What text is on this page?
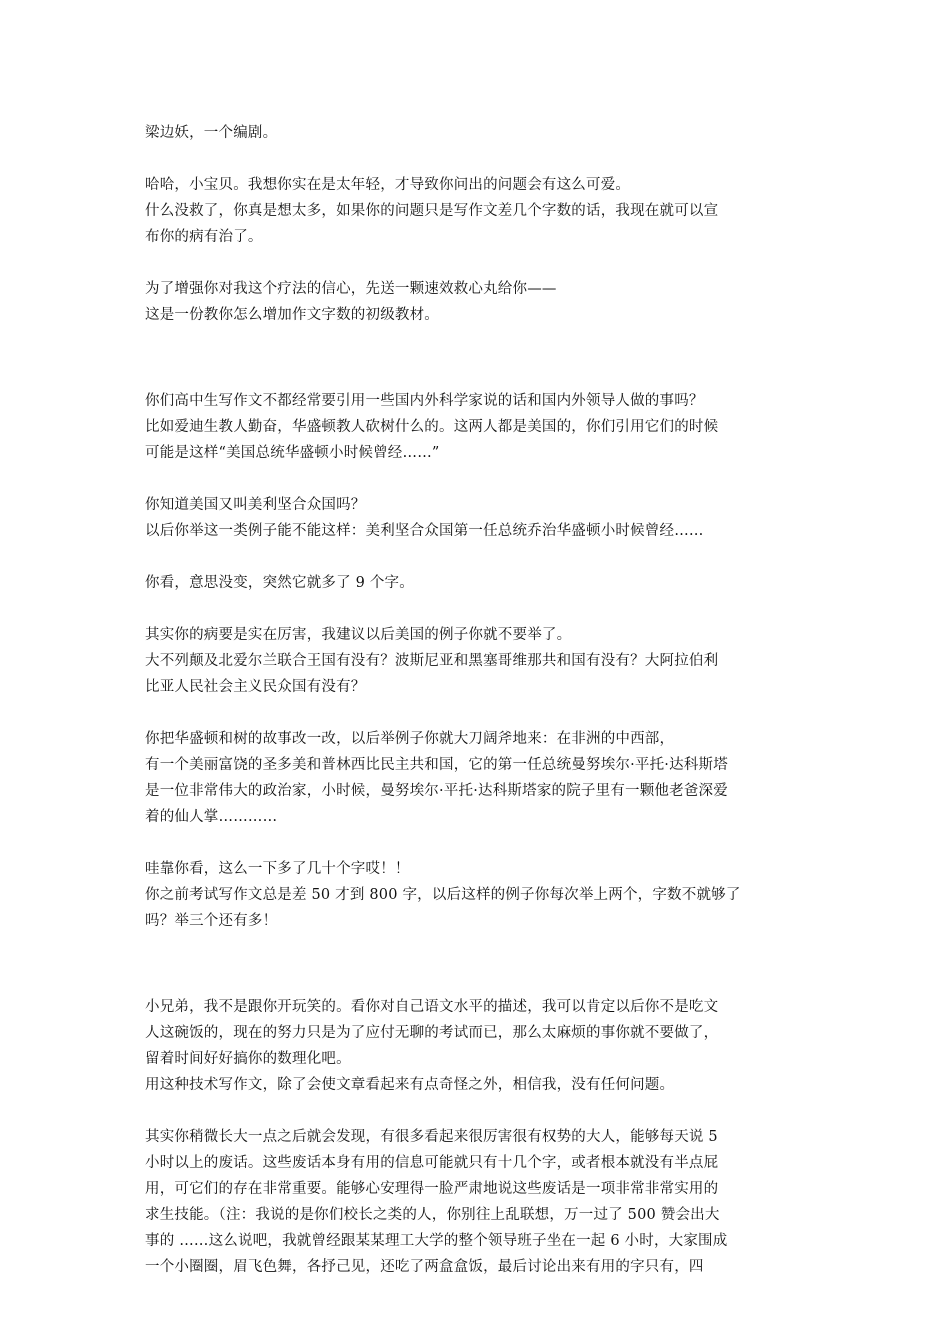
梁边妖，一个编剧。
哈哈，小宝贝。我想你实在是太年轻，才导致你问出的问题会有这么可爱。
什么没救了，你真是想太多，如果你的问题只是写作文差几个字数的话，我现在就可以宣
布你的病有治了。
为了增强你对我这个疗法的信心，先送一颗速效救心丸给你——
这是一份教你怎么增加作文字数的初级教材。
你们高中生写作文不都经常要引用一些国内外科学家说的话和国内外领导人做的事吗？
比如爱迪生教人勤奋，华盛顿教人砍树什么的。这两人都是美国的，你们引用它们的时候
可能是这样“美国总统华盛顿小时候曾经……”
你知道美国又叫美利坚合众国吗？
以后你举这一类例子能不能这样：美利坚合众国第一任总统乔治华盛顿小时候曾经……
你看，意思没变，突然它就多了 9 个字。
其实你的病要是实在厉害，我建议以后美国的例子你就不要举了。
大不列颠及北爱尔兰联合王国有没有？波斯尼亚和黑塞哥维那共和国有没有？大阿拉伯利
比亚人民社会主义民众国有没有？
你把华盛顿和树的故事改一改，以后举例子你就大刀阔斧地来：在非洲的中西部，
有一个美丽富饶的圣多美和普林西比民主共和国，它的第一任总统曼努埃尔·平托·达科斯塔
是一位非常伟大的政治家，小时候，曼努埃尔·平托·达科斯塔家的院子里有一颗他老爸深爱
着的仙人掌…………
哇靠你看，这么一下多了几十个字哎！！
你之前考试写作文总是差 50 才到 800 字，以后这样的例子你每次举上两个，字数不就够了
吗？举三个还有多！
小兄弟，我不是跟你开玩笑的。看你对自己语文水平的描述，我可以肯定以后你不是吃文
人这碗饭的，现在的努力只是为了应付无聊的考试而已，那么太麻烦的事你就不要做了，
留着时间好好搞你的数理化吧。
用这种技术写作文，除了会使文章看起来有点奇怪之外，相信我，没有任何问题。
其实你稍微长大一点之后就会发现，有很多看起来很厉害很有权势的大人，能够每天说 5
小时以上的废话。这些废话本身有用的信息可能就只有十几个字，或者根本就没有半点屁
用，可它们的存在非常重要。能够心安理得一脸严肃地说这些废话是一项非常非常实用的
求生技能。（注：我说的是你们校长之类的人，你别往上乱联想，万一过了 500 赞会出大
事的 ……这么说吧，我就曾经跟某某理工大学的整个领导班子坐在一起 6 小时，大家围成
一个小圈圈，眉飞色舞，各抒己见，还吃了两盒盒饭，最后讨论出来有用的字只有，四
